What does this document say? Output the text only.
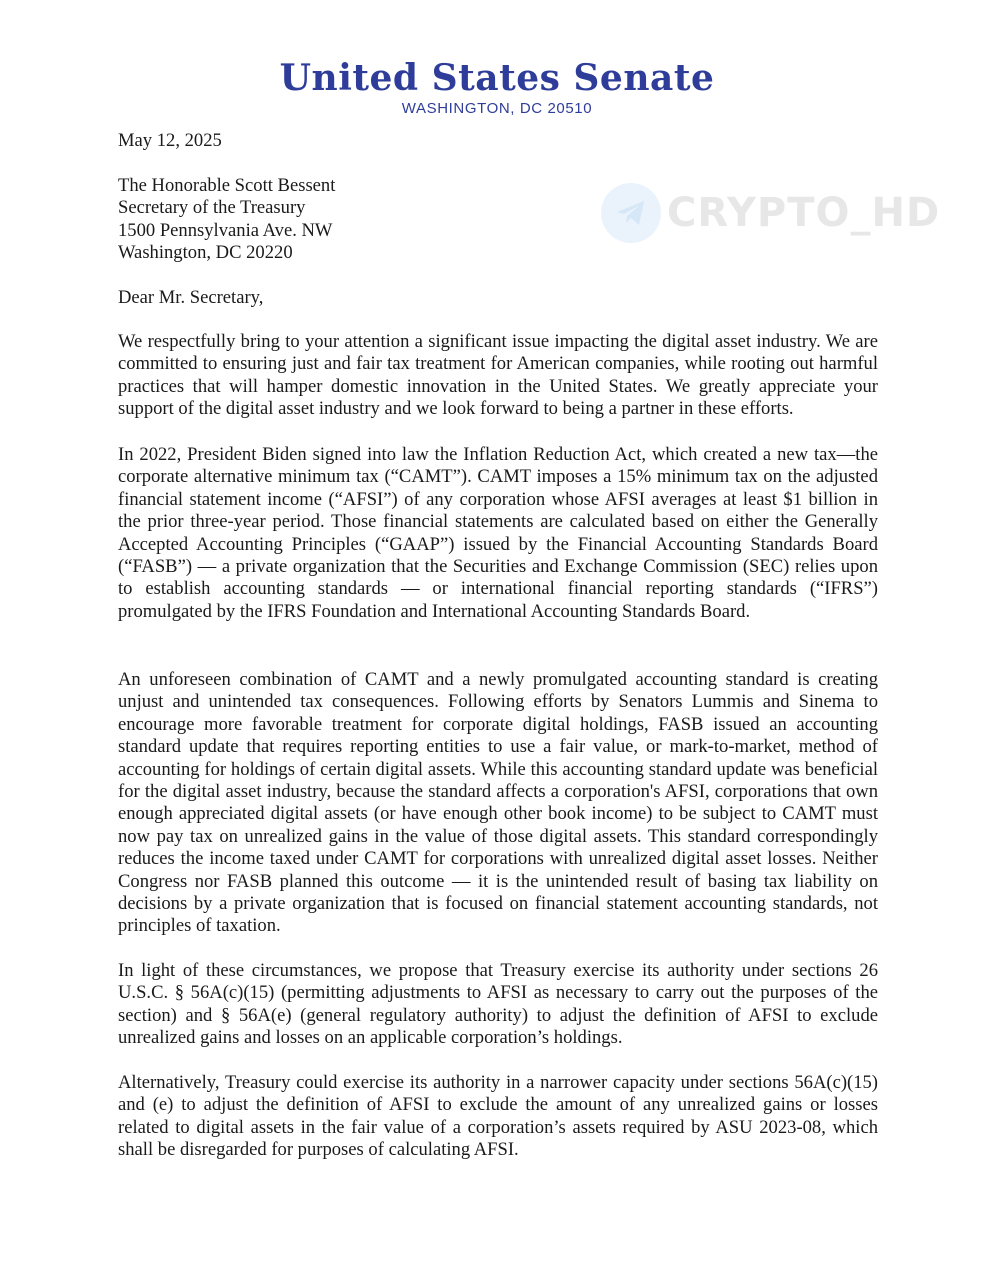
United States Senate
WASHINGTON, DC 20510
CRYPTO_HD
May 12, 2025
The Honorable Scott Bessent
Secretary of the Treasury
1500 Pennsylvania Ave. NW
Washington, DC 20220
Dear Mr. Secretary,
We respectfully bring to your attention a significant issue impacting the digital asset industry. We are committed to ensuring just and fair tax treatment for American companies, while rooting out harmful practices that will hamper domestic innovation in the United States. We greatly appreciate your support of the digital asset industry and we look forward to being a partner in these efforts.
In 2022, President Biden signed into law the Inflation Reduction Act, which created a new tax—the corporate alternative minimum tax (“CAMT”). CAMT imposes a 15% minimum tax on the adjusted financial statement income (“AFSI”) of any corporation whose AFSI averages at least $1 billion in the prior three-year period. Those financial statements are calculated based on either the Generally Accepted Accounting Principles (“GAAP”) issued by the Financial Accounting Standards Board (“FASB”) — a private organization that the Securities and Exchange Commission (SEC) relies upon to establish accounting standards — or international financial reporting standards (“IFRS”) promulgated by the IFRS Foundation and International Accounting Standards Board.
An unforeseen combination of CAMT and a newly promulgated accounting standard is creating unjust and unintended tax consequences. Following efforts by Senators Lummis and Sinema to encourage more favorable treatment for corporate digital holdings, FASB issued an accounting standard update that requires reporting entities to use a fair value, or mark-to-market, method of accounting for holdings of certain digital assets. While this accounting standard update was beneficial for the digital asset industry, because the standard affects a corporation's AFSI, corporations that own enough appreciated digital assets (or have enough other book income) to be subject to CAMT must now pay tax on unrealized gains in the value of those digital assets. This standard correspondingly reduces the income taxed under CAMT for corporations with unrealized digital asset losses. Neither Congress nor FASB planned this outcome — it is the unintended result of basing tax liability on decisions by a private organization that is focused on financial statement accounting standards, not principles of taxation.
In light of these circumstances, we propose that Treasury exercise its authority under sections 26 U.S.C. § 56A(c)(15) (permitting adjustments to AFSI as necessary to carry out the purposes of the section) and § 56A(e) (general regulatory authority) to adjust the definition of AFSI to exclude unrealized gains and losses on an applicable corporation’s holdings.
Alternatively, Treasury could exercise its authority in a narrower capacity under sections 56A(c)(15) and (e) to adjust the definition of AFSI to exclude the amount of any unrealized gains or losses related to digital assets in the fair value of a corporation’s assets required by ASU 2023-08, which shall be disregarded for purposes of calculating AFSI.
